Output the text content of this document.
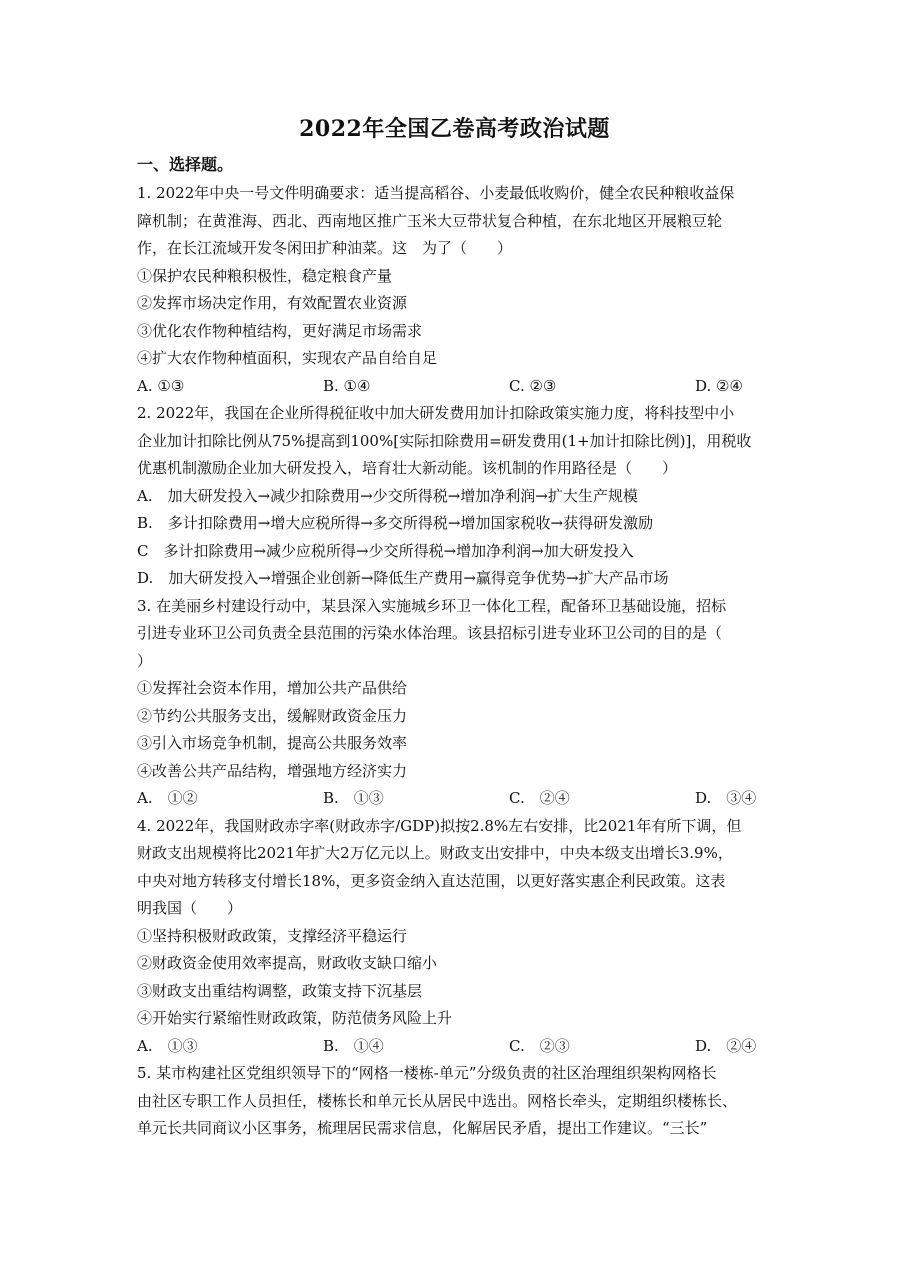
2022年全国乙卷高考政治试题
一、选择题。
1. 2022年中央一号文件明确要求：适当提高稻谷、小麦最低收购价，健全农民种粮收益保
障机制；在黄淮海、西北、西南地区推广玉米大豆带状复合种植，在东北地区开展粮豆轮
作，在长江流域开发冬闲田扩种油菜。这　为了（　　）
①保护农民种粮积极性，稳定粮食产量
②发挥市场决定作用，有效配置农业资源
③优化农作物种植结构，更好满足市场需求
④扩大农作物种植面积，实现农产品自给自足
A. ①③	B. ①④	C. ②③	D. ②④
2. 2022年，我国在企业所得税征收中加大研发费用加计扣除政策实施力度，将科技型中小
企业加计扣除比例从75%提高到100%[实际扣除费用=研发费用(1+加计扣除比例)]，用税收
优惠机制激励企业加大研发投入，培育壮大新动能。该机制的作用路径是（　　）
A.　加大研发投入→减少扣除费用→少交所得税→增加净利润→扩大生产规模
B.　多计扣除费用→增大应税所得→多交所得税→增加国家税收→获得研发激励
C　多计扣除费用→减少应税所得→少交所得税→增加净利润→加大研发投入
D.　加大研发投入→增强企业创新→降低生产费用→赢得竞争优势→扩大产品市场
3. 在美丽乡村建设行动中，某县深入实施城乡环卫一体化工程，配备环卫基础设施，招标
引进专业环卫公司负责全县范围的污染水体治理。该县招标引进专业环卫公司的目的是（
）
①发挥社会资本作用，增加公共产品供给
②节约公共服务支出，缓解财政资金压力
③引入市场竞争机制，提高公共服务效率
④改善公共产品结构，增强地方经济实力
A.　①②	B.　①③	C.　②④	D.　③④
4. 2022年，我国财政赤字率(财政赤字/GDP)拟按2.8%左右安排，比2021年有所下调，但
财政支出规模将比2021年扩大2万亿元以上。财政支出安排中，中央本级支出增长3.9%，
中央对地方转移支付增长18%，更多资金纳入直达范围，以更好落实惠企利民政策。这表
明我国（　　）
①坚持积极财政政策，支撑经济平稳运行
②财政资金使用效率提高，财政收支缺口缩小
③财政支出重结构调整，政策支持下沉基层
④开始实行紧缩性财政政策，防范债务风险上升
A.　①③	B.　①④	C.　②③	D.　②④
5. 某市构建社区党组织领导下的“网格一楼栋-单元”分级负责的社区治理组织架构网格长
由社区专职工作人员担任，楼栋长和单元长从居民中选出。网格长牵头，定期组织楼栋长、
单元长共同商议小区事务，梳理居民需求信息，化解居民矛盾，提出工作建议。“三长”
